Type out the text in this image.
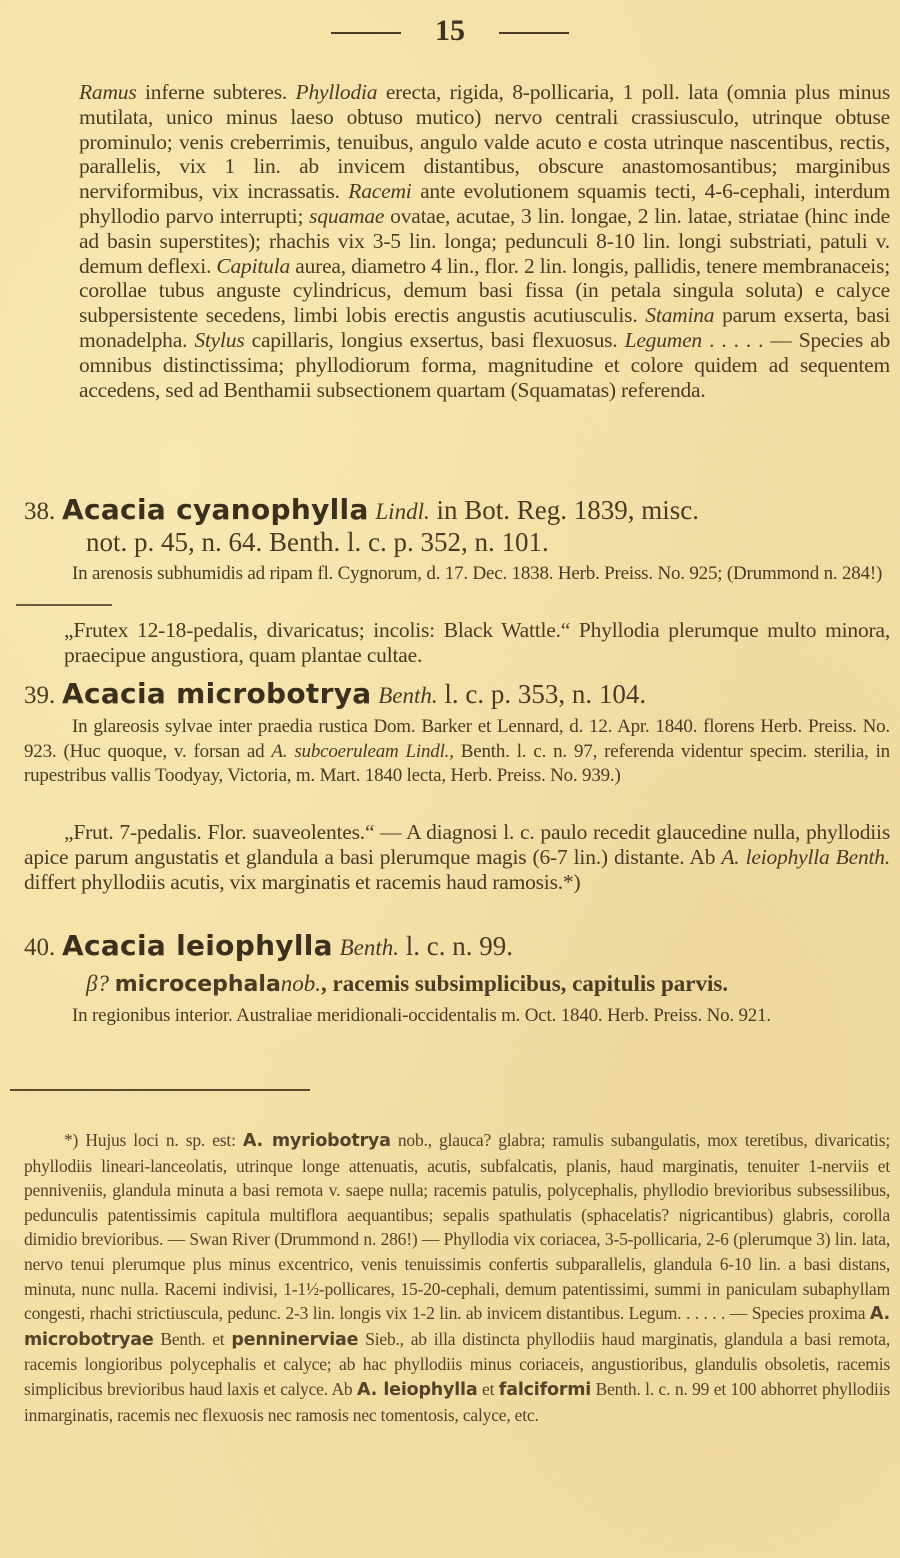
15
Ramus inferne subteres. Phyllodia erecta, rigida, 8-pollicaria, 1 poll. lata (omnia plus minus mutilata, unico minus laeso obtuso mutico) nervo centrali crassiusculo, utrinque obtuse prominulo; venis creberrimis, tenuibus, angulo valde acuto e costa utrinque nascentibus, rectis, parallelis, vix 1 lin. ab invicem distantibus, obscure anastomosantibus; marginibus nerviformibus, vix incrassatis. Racemi ante evolutionem squamis tecti, 4-6-cephali, interdum phyllodio parvo interrupti; squamae ovatae, acutae, 3 lin. longae, 2 lin. latae, striatae (hinc inde ad basin superstites); rhachis vix 3-5 lin. longa; pedunculi 8-10 lin. longi substriati, patuli v. demum deflexi. Capitula aurea, diametro 4 lin., flor. 2 lin. longis, pallidis, tenere membranaceis; corollae tubus anguste cylindricus, demum basi fissa (in petala singula soluta) e calyce subpersistente secedens, limbi lobis erectis angustis acutiusculis. Stamina parum exserta, basi monadelpha. Stylus capillaris, longius exsertus, basi flexuosus. Legumen . . . . . — Species ab omnibus distinctissima; phyllodiorum forma, magnitudine et colore quidem ad sequentem accedens, sed ad Benthamii subsectionem quartam (Squamatas) referenda.
38. Acacia cyanophylla Lindl. in Bot. Reg. 1839, misc.
not. p. 45, n. 64. Benth. l. c. p. 352, n. 101.
In arenosis subhumidis ad ripam fl. Cygnorum, d. 17. Dec. 1838. Herb. Preiss. No. 925; (Drummond n. 284!)
„Frutex 12-18-pedalis, divaricatus; incolis: Black Wattle.“ Phyllodia plerumque multo minora, praecipue angustiora, quam plantae cultae.
39. Acacia microbotrya Benth. l. c. p. 353, n. 104.
In glareosis sylvae inter praedia rustica Dom. Barker et Lennard, d. 12. Apr. 1840. florens Herb. Preiss. No. 923. (Huc quoque, v. forsan ad A. subcoeruleam Lindl., Benth. l. c. n. 97, referenda videntur specim. sterilia, in rupestribus vallis Toodyay, Victoria, m. Mart. 1840 lecta, Herb. Preiss. No. 939.)
„Frut. 7-pedalis. Flor. suaveolentes.“ — A diagnosi l. c. paulo recedit glaucedine nulla, phyllodiis apice parum angustatis et glandula a basi plerumque magis (6-7 lin.) distante. Ab A. leiophylla Benth. differt phyllodiis acutis, vix marginatis et racemis haud ramosis.*)
40. Acacia leiophylla Benth. l. c. n. 99.
β? microcephalanob., racemis subsimplicibus, capitulis parvis.
In regionibus interior. Australiae meridionali-occidentalis m. Oct. 1840. Herb. Preiss. No. 921.
*) Hujus loci n. sp. est: A. myriobotrya nob., glauca? glabra; ramulis subangulatis, mox teretibus, divaricatis; phyllodiis lineari-lanceolatis, utrinque longe attenuatis, acutis, subfalcatis, planis, haud marginatis, tenuiter 1-nerviis et penniveniis, glandula minuta a basi remota v. saepe nulla; racemis patulis, polycephalis, phyllodio brevioribus subsessilibus, pedunculis patentissimis capitula multiflora aequantibus; sepalis spathulatis (sphacelatis? nigricantibus) glabris, corolla dimidio brevioribus. — Swan River (Drummond n. 286!) — Phyllodia vix coriacea, 3-5-pollicaria, 2-6 (plerumque 3) lin. lata, nervo tenui plerumque plus minus excentrico, venis tenuissimis confertis subparallelis, glandula 6-10 lin. a basi distans, minuta, nunc nulla. Racemi indivisi, 1-1½-pollicares, 15-20-cephali, demum patentissimi, summi in paniculam subaphyllam congesti, rhachi strictiuscula, pedunc. 2-3 lin. longis vix 1-2 lin. ab invicem distantibus. Legum. . . . . . — Species proxima A. microbotryae Benth. et penninerviae Sieb., ab illa distincta phyllodiis haud marginatis, glandula a basi remota, racemis longioribus polycephalis et calyce; ab hac phyllodiis minus coriaceis, angustioribus, glandulis obsoletis, racemis simplicibus brevioribus haud laxis et calyce. Ab A. leiophylla et falciformi Benth. l. c. n. 99 et 100 abhorret phyllodiis inmarginatis, racemis nec flexuosis nec ramosis nec tomentosis, calyce, etc.
